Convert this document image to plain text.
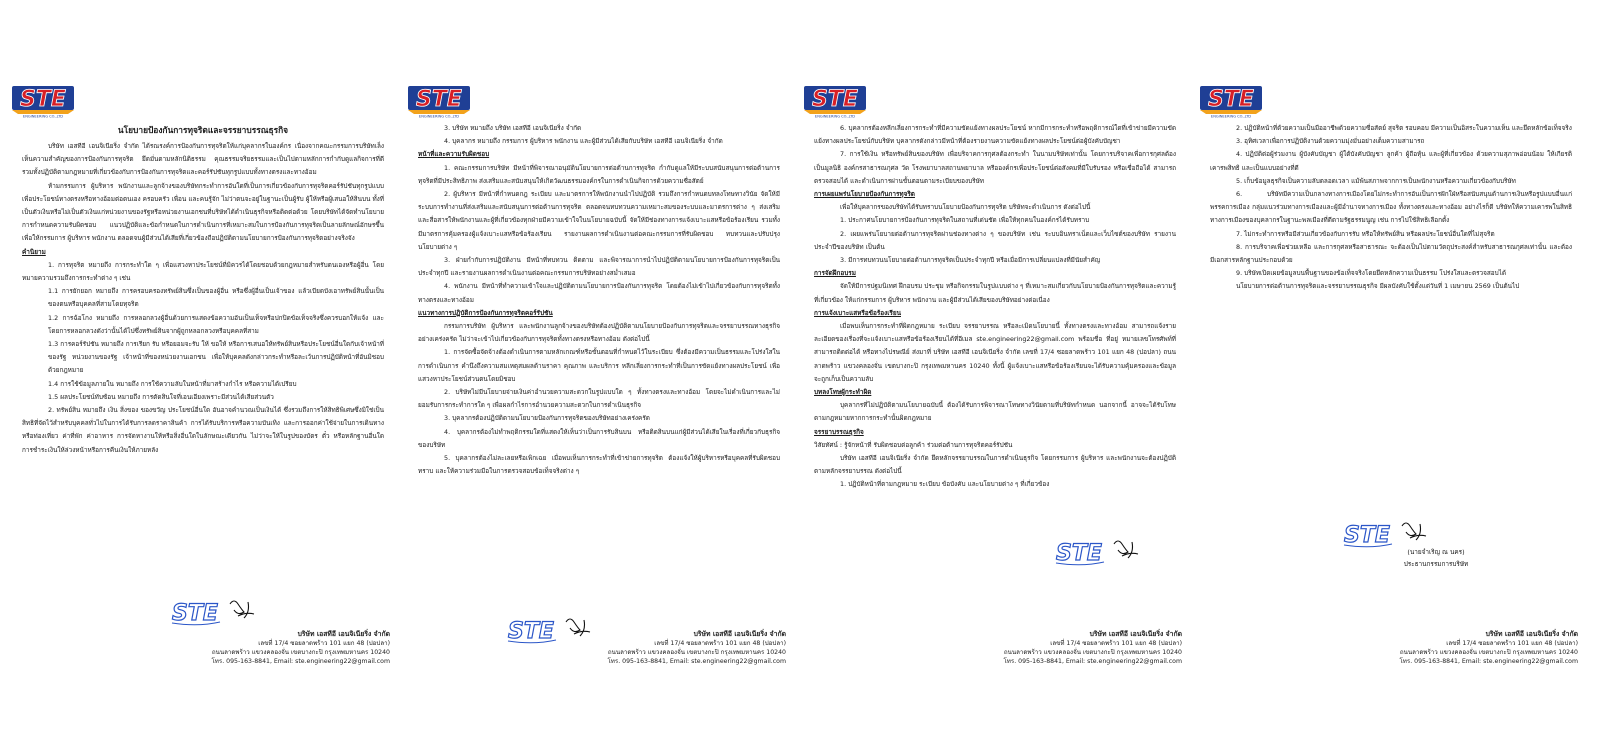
STE
ENGINEERING CO.,LTD

นโยบายป้องกันการทุจริตและจรรยาบรรณธุรกิจ

บริษัท เอสทีอี เอนจิเนียริ่ง จำกัด ได้รณรงค์การป้องกันการทุจริตให้แก่บุคลากรในองค์กร เนื่องจากคณะกรรมการบริษัทเล็งเห็นความสำคัญของการป้องกันการทุจริต ยึดมั่นตามหลักนิติธรรม คุณธรรมจริยธรรมและเป็นไปตามหลักการกำกับดูแลกิจการที่ดี รวมทั้งปฏิบัติตามกฎหมายที่เกี่ยวข้องกับการป้องกันการทุจริตและคอร์รัปชันทุกรูปแบบทั้งทางตรงและทางอ้อม

ห้ามกรรมการ ผู้บริหาร พนักงานและลูกจ้างของบริษัทกระทำการอันใดที่เป็นการเกี่ยวข้องกับการทุจริตคอร์รัปชันทุกรูปแบบ เพื่อประโยชน์ทางตรงหรือทางอ้อมต่อตนเอง ครอบครัว เพื่อน และคนรู้จัก ไม่ว่าตนจะอยู่ในฐานะเป็นผู้รับ ผู้ให้หรือผู้เสนอให้สินบน ทั้งที่เป็นตัวเงินหรือไม่เป็นตัวเงินแก่หน่วยงานของรัฐหรือหน่วยงานเอกชนที่บริษัทได้ดำเนินธุรกิจหรือติดต่อด้วย โดยบริษัทได้จัดทำนโยบายการกำหนดความรับผิดชอบ แนวปฏิบัติและข้อกำหนดในการดำเนินการที่เหมาะสมในการป้องกันการทุจริตเป็นลายลักษณ์อักษรขึ้น เพื่อให้กรรมการ ผู้บริหาร พนักงาน ตลอดจนผู้มีส่วนได้เสียที่เกี่ยวข้องถือปฏิบัติตามนโยบายการป้องกันการทุจริตอย่างจริงจัง

คำนิยาม

1. การทุจริต หมายถึง การกระทำใด ๆ เพื่อแสวงหาประโยชน์ที่มิควรได้โดยชอบด้วยกฎหมายสำหรับตนเองหรือผู้อื่น โดยหมายความรวมถึงการกระทำต่าง ๆ เช่น

1.1 การยักยอก หมายถึง การครอบครองทรัพย์สินซึ่งเป็นของผู้อื่น หรือซึ่งผู้อื่นเป็นเจ้าของ แล้วเบียดบังเอาทรัพย์สินนั้นเป็นของตนหรือบุคคลที่สามโดยทุจริต

1.2 การฉ้อโกง หมายถึง การหลอกลวงผู้อื่นด้วยการแสดงข้อความอันเป็นเท็จหรือปกปิดข้อเท็จจริงซึ่งควรบอกให้แจ้ง และโดยการหลอกลวงดังว่านั้นได้ไปซึ่งทรัพย์สินจากผู้ถูกหลอกลวงหรือบุคคลที่สาม

1.3 การคอร์รัปชัน หมายถึง การเรียก รับ หรือยอมจะรับ ให้ ขอให้ หรือการเสนอให้ทรัพย์สินหรือประโยชน์อื่นใดกับเจ้าหน้าที่ของรัฐ หน่วยงานของรัฐ เจ้าหน้าที่ของหน่วยงานเอกชน เพื่อให้บุคคลดังกล่าวกระทำหรือละเว้นการปฏิบัติหน้าที่อันมิชอบด้วยกฎหมาย

1.4 การใช้ข้อมูลภายใน หมายถึง การใช้ความลับในหน้าที่มาสร้างกำไร หรือความได้เปรียบ

1.5 ผลประโยชน์ทับซ้อน หมายถึง การตัดสินใจที่เอนเอียงเพราะมีส่วนได้เสียส่วนตัว

2. ทรัพย์สิน หมายถึง เงิน สิ่งของ ของขวัญ ประโยชน์อื่นใด อันอาจคำนวณเป็นเงินได้ ซึ่งรวมถึงการให้สิทธิพิเศษซึ่งมิใช่เป็นสิทธิที่จัดไว้สำหรับบุคคลทั่วไปในการได้รับการลดราคาสินค้า การได้รับบริการหรือความบันเทิง และการออกค่าใช้จ่ายในการเดินทางหรือท่องเที่ยว ค่าที่พัก ค่าอาหาร การจัดหางานให้หรือสิ่งอื่นใดในลักษณะเดียวกัน ไม่ว่าจะให้ในรูปของบัตร ตั๋ว หรือหลักฐานอื่นใด การชำระเงินให้ล่วงหน้าหรือการคืนเงินให้ภายหลัง

STE
บริษัท เอสทีอี เอนจิเนียริ่ง จำกัด
เลขที่ 17/4 ซอยลาดพร้าว 101 แยก 48 (ปอปลา)
ถนนลาดพร้าว แขวงคลองจั่น เขตบางกะปิ กรุงเทพมหานคร 10240
โทร. 095-163-8841, Email: ste.engineering22@gmail.com
STE
ENGINEERING CO.,LTD

3. บริษัท หมายถึง บริษัท เอสทีอี เอนจิเนียริ่ง จำกัด

4. บุคลากร หมายถึง กรรมการ ผู้บริหาร พนักงาน และผู้มีส่วนได้เสียกับบริษัท เอสทีอี เอนจิเนียริ่ง จำกัด

หน้าที่และความรับผิดชอบ

1. คณะกรรมการบริษัท มีหน้าที่พิจารณาอนุมัตินโยบายการต่อต้านการทุจริต กำกับดูแลให้มีระบบสนับสนุนการต่อต้านการทุจริตที่มีประสิทธิภาพ ส่งเสริมและสนับสนุนให้เกิดวัฒนธรรมองค์กรในการดำเนินกิจการด้วยความซื่อสัตย์

2. ผู้บริหาร มีหน้าที่กำหนดกฎ ระเบียบ และมาตรการให้พนักงานนำไปปฏิบัติ รวมถึงการกำหนดบทลงโทษทางวินัย จัดให้มีระบบการทำงานที่ส่งเสริมและสนับสนุนการต่อต้านการทุจริต ตลอดจนทบทวนความเหมาะสมของระบบและมาตรการต่าง ๆ ส่งเสริมและสื่อสารให้พนักงานและผู้ที่เกี่ยวข้องทุกฝ่ายมีความเข้าใจในนโยบายฉบับนี้ จัดให้มีช่องทางการแจ้งเบาะแสหรือข้อร้องเรียน รวมทั้งมีมาตรการคุ้มครองผู้แจ้งเบาะแสหรือข้อร้องเรียน รายงานผลการดำเนินงานต่อคณะกรรมการที่รับผิดชอบ ทบทวนและปรับปรุงนโยบายต่าง ๆ

3. ฝ่ายกำกับการปฏิบัติงาน มีหน้าที่ทบทวน ติดตาม และพิจารณาการนำไปปฏิบัติตามนโยบายการป้องกันการทุจริตเป็นประจำทุกปี และรายงานผลการดำเนินงานต่อคณะกรรมการบริษัทอย่างสม่ำเสมอ

4. พนักงาน มีหน้าที่ทำความเข้าใจและปฏิบัติตามนโยบายการป้องกันการทุจริต โดยต้องไม่เข้าไปเกี่ยวข้องกับการทุจริตทั้งทางตรงและทางอ้อม

แนวทางการปฏิบัติการป้องกันการทุจริตคอร์รัปชัน

กรรมการบริษัท ผู้บริหาร และพนักงานลูกจ้างของบริษัทต้องปฏิบัติตามนโยบายป้องกันการทุจริตและจรรยาบรรณทางธุรกิจอย่างเคร่งครัด ไม่ว่าจะเข้าไปเกี่ยวข้องกับการทุจริตทั้งทางตรงหรือทางอ้อม ดังต่อไปนี้

1. การจัดซื้อจัดจ้างต้องดำเนินการตามหลักเกณฑ์หรือขั้นตอนที่กำหนดไว้ในระเบียบ ซึ่งต้องมีความเป็นธรรมและโปร่งใสในการดำเนินการ คำนึงถึงความสมเหตุสมผลด้านราคา คุณภาพ และบริการ หลีกเลี่ยงการกระทำที่เป็นการขัดแย้งทางผลประโยชน์ เพื่อแสวงหาประโยชน์ส่วนตนโดยมิชอบ

2. บริษัทไม่มีนโยบายจ่ายเงินค่าอำนวยความสะดวกในรูปแบบใด ๆ ทั้งทางตรงและทางอ้อม โดยจะไม่ดำเนินการและไม่ยอมรับการกระทำการใด ๆ เพื่อผลกำไรการอำนวยความสะดวกในการดำเนินธุรกิจ

3. บุคลากรต้องปฏิบัติตามนโยบายป้องกันการทุจริตของบริษัทอย่างเคร่งครัด

4. บุคลากรต้องไม่ทำพฤติกรรมใดที่แสดงให้เห็นว่าเป็นการรับสินบน หรือติดสินบนแก่ผู้มีส่วนได้เสียในเรื่องที่เกี่ยวกับธุรกิจของบริษัท

5. บุคลากรต้องไม่ละเลยหรือเพิกเฉย เมื่อพบเห็นการกระทำที่เข้าข่ายการทุจริต ต้องแจ้งให้ผู้บริหารหรือบุคคลที่รับผิดชอบทราบ และให้ความร่วมมือในการตรวจสอบข้อเท็จจริงต่าง ๆ

STE	บริษัท เอสทีอี เอนจิเนียริ่ง จำกัด
เลขที่ 17/4 ซอยลาดพร้าว 101 แยก 48 (ปอปลา)
ถนนลาดพร้าว แขวงคลองจั่น เขตบางกะปิ กรุงเทพมหานคร 10240
โทร. 095-163-8841, Email: ste.engineering22@gmail.com
STE
ENGINEERING CO.,LTD

6. บุคลากรต้องหลีกเลี่ยงการกระทำที่มีความขัดแย้งทางผลประโยชน์ หากมีการกระทำหรือพฤติการณ์ใดที่เข้าข่ายมีความขัดแย้งทางผลประโยชน์กับบริษัท บุคลากรดังกล่าวมีหน้าที่ต้องรายงานความขัดแย้งทางผลประโยชน์ต่อผู้บังคับบัญชา

7. การใช้เงิน หรือทรัพย์สินของบริษัท เพื่อบริจาคการกุศลต้องกระทำ ในนามบริษัทเท่านั้น โดยการบริจาคเพื่อการกุศลต้องเป็นมูลนิธิ องค์กรสาธารณกุศล วัด โรงพยาบาลสถานพยาบาล หรือองค์กรเพื่อประโยชน์ต่อสังคมที่มีใบรับรอง หรือเชื่อถือได้ สามารถตรวจสอบได้ และดำเนินการผ่านขั้นตอนตามระเบียบของบริษัท

การเผยแพร่นโยบายป้องกันการทุจริต

เพื่อให้บุคลากรของบริษัทได้รับทราบนโยบายป้องกันการทุจริต บริษัทจะดำเนินการ ดังต่อไปนี้

1. ประกาศนโยบายการป้องกันการทุจริตในสถานที่เด่นชัด เพื่อให้ทุกคนในองค์กรได้รับทราบ

2. เผยแพร่นโยบายต่อต้านการทุจริตผ่านช่องทางต่าง ๆ ของบริษัท เช่น ระบบอินทราเน็ตและเว็บไซต์ของบริษัท รายงานประจำปีของบริษัท เป็นต้น

3. มีการทบทวนนโยบายต่อต้านการทุจริตเป็นประจำทุกปี หรือเมื่อมีการเปลี่ยนแปลงที่มีนัยสำคัญ

การจัดฝึกอบรม

จัดให้มีการปฐมนิเทศ ฝึกอบรม ประชุม หรือกิจกรรมในรูปแบบต่าง ๆ ที่เหมาะสมเกี่ยวกับนโยบายป้องกันการทุจริตและความรู้ที่เกี่ยวข้อง ให้แก่กรรมการ ผู้บริหาร พนักงาน และผู้มีส่วนได้เสียของบริษัทอย่างต่อเนื่อง

การแจ้งเบาะแสหรือข้อร้องเรียน

เมื่อพบเห็นการกระทำที่ผิดกฎหมาย ระเบียบ จรรยาบรรณ หรือละเมิดนโยบายนี้ ทั้งทางตรงและทางอ้อม สามารถแจ้งรายละเอียดของเรื่องที่จะแจ้งเบาะแสหรือข้อร้องเรียนได้ที่อีเมล ste.engineering22@gmail.com พร้อมชื่อ ที่อยู่ หมายเลขโทรศัพท์ที่สามารถติดต่อได้ หรือทางไปรษณีย์ ส่งมาที่ บริษัท เอสทีอี เอนจิเนียริ่ง จำกัด เลขที่ 17/4 ซอยลาดพร้าว 101 แยก 48 (ปอปลา) ถนนลาดพร้าว แขวงคลองจั่น เขตบางกะปิ กรุงเทพมหานคร 10240 ทั้งนี้ ผู้แจ้งเบาะแสหรือข้อร้องเรียนจะได้รับความคุ้มครองและข้อมูลจะถูกเก็บเป็นความลับ

บทลงโทษผู้กระทำผิด

บุคลากรที่ไม่ปฏิบัติตามนโยบายฉบับนี้ ต้องได้รับการพิจารณาโทษทางวินัยตามที่บริษัทกำหนด นอกจากนี้ อาจจะได้รับโทษตามกฎหมายหากการกระทำนั้นผิดกฎหมาย

จรรยาบรรณธุรกิจ

วิสัยทัศน์ : รู้จักหน้าที่ รับผิดชอบต่อลูกค้า ร่วมต่อต้านการทุจริตคอร์รัปชัน

บริษัท เอสทีอี เอนจิเนียริ่ง จำกัด ยึดหลักจรรยาบรรณในการดำเนินธุรกิจ โดยกรรมการ ผู้บริหาร และพนักงานจะต้องปฏิบัติตามหลักจรรยาบรรณ ดังต่อไปนี้

1. ปฏิบัติหน้าที่ตามกฎหมาย ระเบียบ ข้อบังคับ และนโยบายต่าง ๆ ที่เกี่ยวข้อง

STE
บริษัท เอสทีอี เอนจิเนียริ่ง จำกัด
เลขที่ 17/4 ซอยลาดพร้าว 101 แยก 48 (ปอปลา)
ถนนลาดพร้าว แขวงคลองจั่น เขตบางกะปิ กรุงเทพมหานคร 10240
โทร. 095-163-8841, Email: ste.engineering22@gmail.com
STE
ENGINEERING CO.,LTD

2. ปฏิบัติหน้าที่ด้วยความเป็นมืออาชีพด้วยความซื่อสัตย์ สุจริต รอบคอบ มีความเป็นอิสระในความเห็น และยึดหลักข้อเท็จจริง

3. อุทิศเวลาเพื่อการปฏิบัติงานด้วยความมุ่งมั่นอย่างเต็มความสามารถ

4. ปฏิบัติต่อผู้ร่วมงาน ผู้บังคับบัญชา ผู้ใต้บังคับบัญชา ลูกค้า ผู้ถือหุ้น และผู้ที่เกี่ยวข้อง ด้วยความสุภาพอ่อนน้อม ให้เกียรติ เคารพสิทธิ และเป็นแบบอย่างที่ดี

5. เก็บข้อมูลธุรกิจเป็นความลับตลอดเวลา แม้พ้นสภาพจากการเป็นพนักงานหรือความเกี่ยวข้องกับบริษัท

6. บริษัทมีความเป็นกลางทางการเมืองโดยไม่กระทำการอันเป็นการฝักใฝ่หรือสนับสนุนด้านการเงินหรือรูปแบบอื่นแก่พรรคการเมือง กลุ่มแนวร่วมทางการเมืองและผู้มีอำนาจทางการเมือง ทั้งทางตรงและทางอ้อม อย่างไรก็ดี บริษัทให้ความเคารพในสิทธิทางการเมืองของบุคลากรในฐานะพลเมืองที่ดีตามรัฐธรรมนูญ เช่น การไปใช้สิทธิเลือกตั้ง

7. ไม่กระทำการหรือมีส่วนเกี่ยวข้องกับการรับ หรือให้ทรัพย์สิน หรือผลประโยชน์อื่นใดที่ไม่สุจริต

8. การบริจาคเพื่อช่วยเหลือ และการกุศลหรือสาธารณะ จะต้องเป็นไปตามวัตถุประสงค์สำหรับสาธารณกุศลเท่านั้น และต้องมีเอกสารหลักฐานประกอบด้วย

9. บริษัทเปิดเผยข้อมูลบนพื้นฐานของข้อเท็จจริงโดยยึดหลักความเป็นธรรม โปร่งใสและตรวจสอบได้

นโยบายการต่อต้านการทุจริตและจรรยาบรรณธุรกิจ มีผลบังคับใช้ตั้งแต่วันที่ 1 เมษายน 2569 เป็นต้นไป

STE
(นายจำเริญ ณ นคร)
ประธานกรรมการบริษัท
บริษัท เอสทีอี เอนจิเนียริ่ง จำกัด
เลขที่ 17/4 ซอยลาดพร้าว 101 แยก 48 (ปอปลา)
ถนนลาดพร้าว แขวงคลองจั่น เขตบางกะปิ กรุงเทพมหานคร 10240
โทร. 095-163-8841, Email: ste.engineering22@gmail.com
